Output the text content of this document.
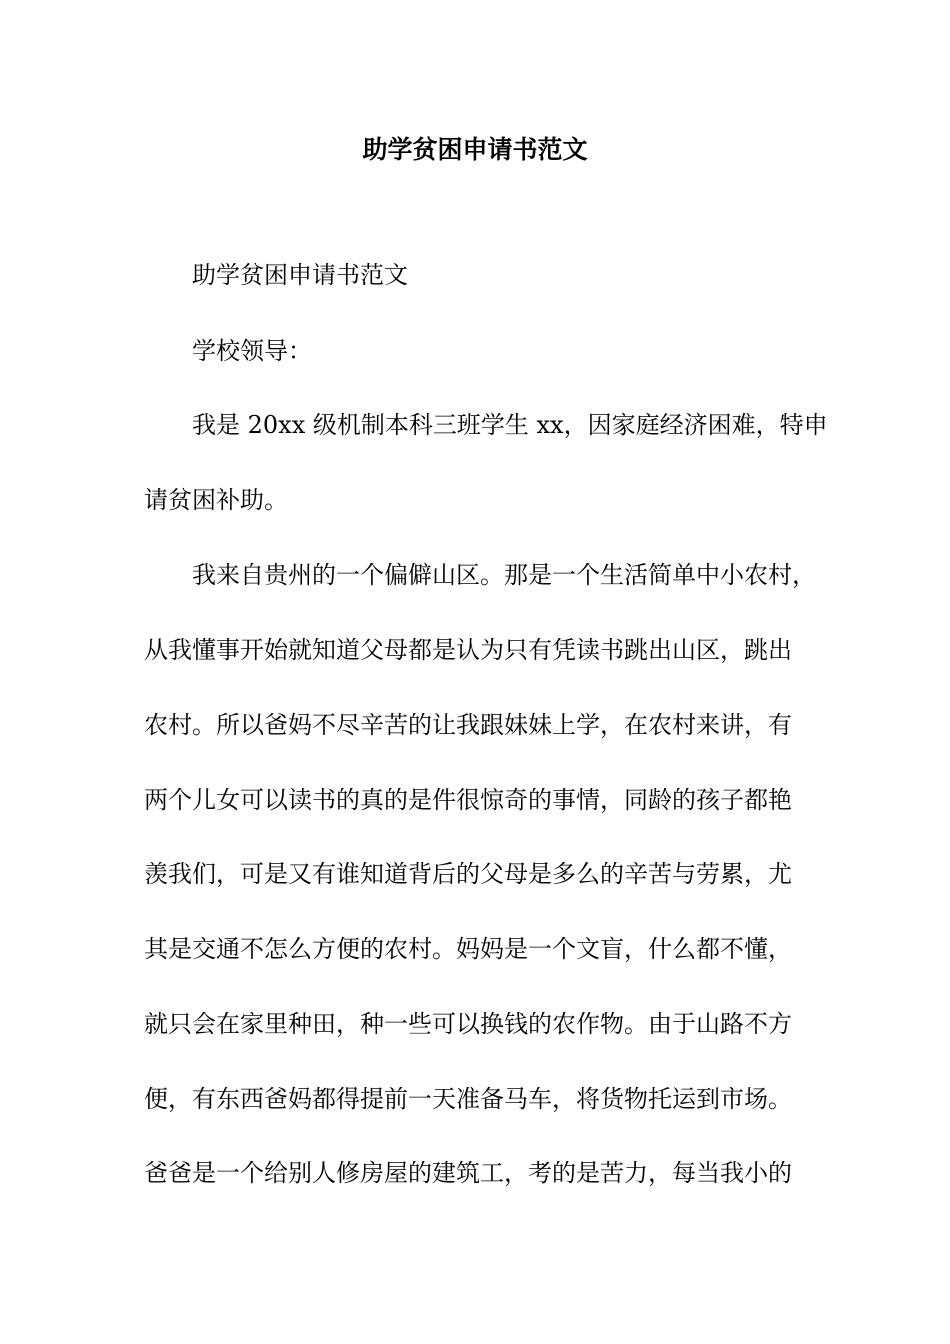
助学贫困申请书范文

助学贫困申请书范文

学校领导：

我是 20xx 级机制本科三班学生 xx，因家庭经济困难，特申

请贫困补助。

我来自贵州的一个偏僻山区。那是一个生活简单中小农村，

从我懂事开始就知道父母都是认为只有凭读书跳出山区，跳出

农村。所以爸妈不尽辛苦的让我跟妹妹上学，在农村来讲，有

两个儿女可以读书的真的是件很惊奇的事情，同龄的孩子都艳

羡我们，可是又有谁知道背后的父母是多么的辛苦与劳累，尤

其是交通不怎么方便的农村。妈妈是一个文盲，什么都不懂，

就只会在家里种田，种一些可以换钱的农作物。由于山路不方

便，有东西爸妈都得提前一天准备马车，将货物托运到市场。

爸爸是一个给别人修房屋的建筑工，考的是苦力，每当我小的
